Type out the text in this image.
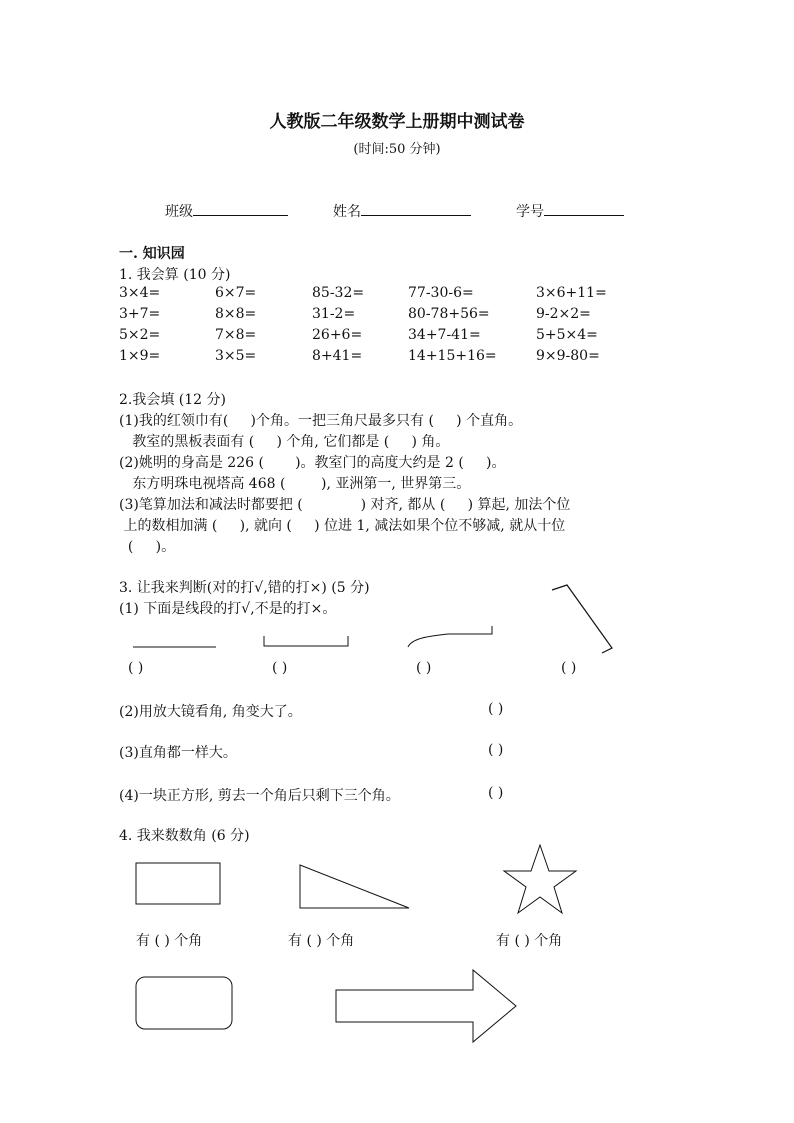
人教版二年级数学上册期中测试卷
(时间:50 分钟)
班级	姓名	学号
一. 知识园
1. 我会算 (10 分)
3×4=	6×7=	85-32=	77-30-6=	3×6+11=
3+7=	8×8=	31-2=	80-78+56=	9-2×2=
5×2=	7×8=	26+6=	34+7-41=	5+5×4=
1×9=	3×5=	8+41=	14+15+16=	9×9-80=
2.我会填 (12 分)
(1)我的红领巾有(     )个角。一把三角尺最多只有 (     ) 个直角。
教室的黑板表面有 (     ) 个角, 它们都是 (     ) 角。
(2)姚明的身高是 226 (       )。教室门的高度大约是 2 (     )。
东方明珠电视塔高 468 (        ), 亚洲第一, 世界第三。
(3)笔算加法和减法时都要把 (             ) 对齐, 都从 (     ) 算起, 加法个位
上的数相加满 (     ), 就向 (     ) 位进 1, 减法如果个位不够减, 就从十位
(     )。
3. 让我来判断(对的打√,错的打×) (5 分)
(1) 下面是线段的打√,不是的打×。
( )	( )	( )	( )
(2)用放大镜看角, 角变大了。	( )
(3)直角都一样大。	( )
(4)一块正方形, 剪去一个角后只剩下三个角。	( )
4. 我来数数角 (6 分)
有 ( ) 个角	有 ( ) 个角	有 ( ) 个角
